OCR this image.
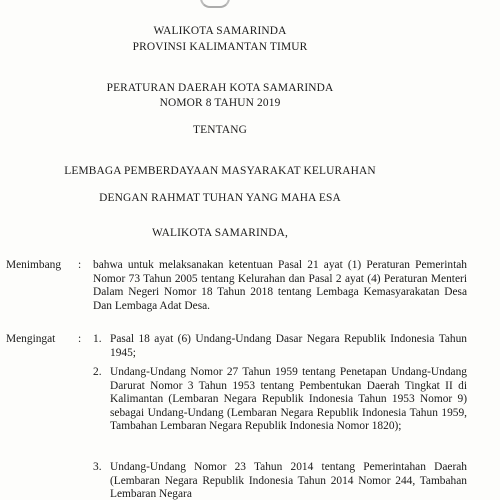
WALIKOTA SAMARINDA
PROVINSI KALIMANTAN TIMUR
PERATURAN DAERAH KOTA SAMARINDA
NOMOR 8 TAHUN 2019
TENTANG
LEMBAGA PEMBERDAYAAN MASYARAKAT KELURAHAN
DENGAN RAHMAT TUHAN YANG MAHA ESA
WALIKOTA SAMARINDA,
Menimbang : bahwa untuk melaksanakan ketentuan Pasal 21 ayat (1) Peraturan Pemerintah Nomor 73 Tahun 2005 tentang Kelurahan dan Pasal 2 ayat (4) Peraturan Menteri Dalam Negeri Nomor 18 Tahun 2018 tentang Lembaga Kemasyarakatan Desa Dan Lembaga Adat Desa.
Mengingat : 1. Pasal 18 ayat (6) Undang-Undang Dasar Negara Republik Indonesia Tahun 1945;
2. Undang-Undang Nomor 27 Tahun 1959 tentang Penetapan Undang-Undang Darurat Nomor 3 Tahun 1953 tentang Pembentukan Daerah Tingkat II di Kalimantan (Lembaran Negara Republik Indonesia Tahun 1953 Nomor 9) sebagai Undang-Undang (Lembaran Negara Republik Indonesia Tahun 1959, Tambahan Lembaran Negara Republik Indonesia Nomor 1820);
3. Undang-Undang Nomor 23 Tahun 2014 tentang Pemerintahan Daerah (Lembaran Negara Republik Indonesia Tahun 2014 Nomor 244, Tambahan Lembaran Negara
